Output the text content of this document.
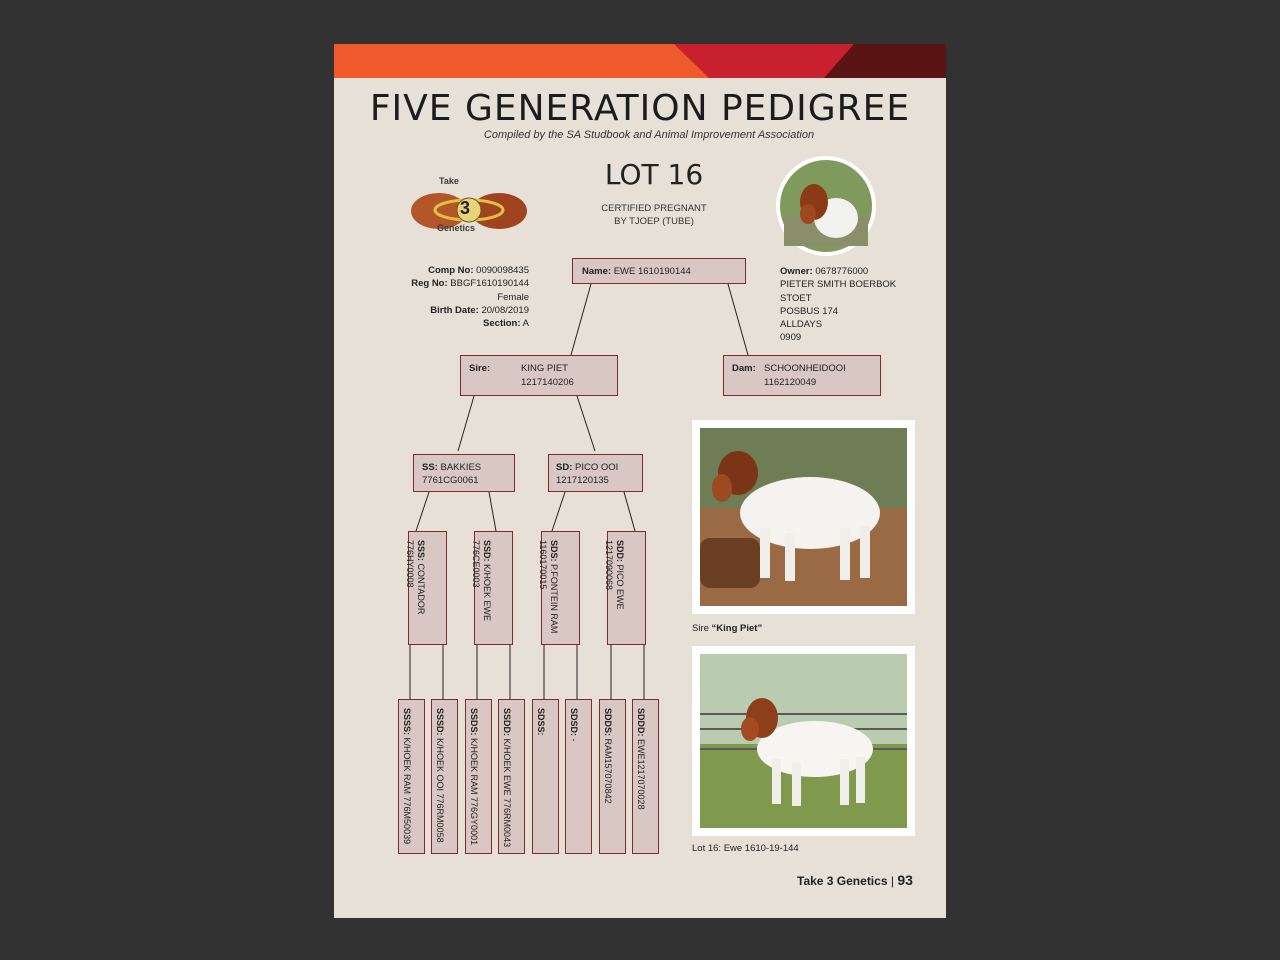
FIVE GENERATION PEDIGREE
Compiled by the SA Studbook and Animal Improvement Association
LOT 16
CERTIFIED PREGNANT
BY TJOEP (TUBE)
Take
3
Genetics
Comp No: 0090098435
Reg No: BBGF1610190144
Female
Birth Date: 20/08/2019
Section: A
Owner: 0678776000
PIETER SMITH BOERBOK
STOET
POSBUS 174
ALLDAYS
0909
Name: EWE 1610190144
Sire:	KING PIET
1217140206
Dam: SCHOONHEIDOOI
1162120049
SS: BAKKIES
7761CG0061
SD: PICO OOI
1217120135
SSS: CONTADOR
776HY0008	SSD: K/HOEK EWE
776CE0003	SDS: P.FONTEIN RAM
1160170015	SDD: PICO EWE
1217090068
SSSS: K/HOEK RAM 776M50039
SSSD: K/HOEK OOI 776RM0058
SSDS: K/HOEK RAM 776GY0001
SSDD: K/HOEK EWE 776RM0043
SDSS:	SDSD: -
SDDS: RAM157070842
SDDD: EWE1217070028
Sire “King Piet”
Lot 16: Ewe 1610-19-144
Take 3 Genetics | 93
